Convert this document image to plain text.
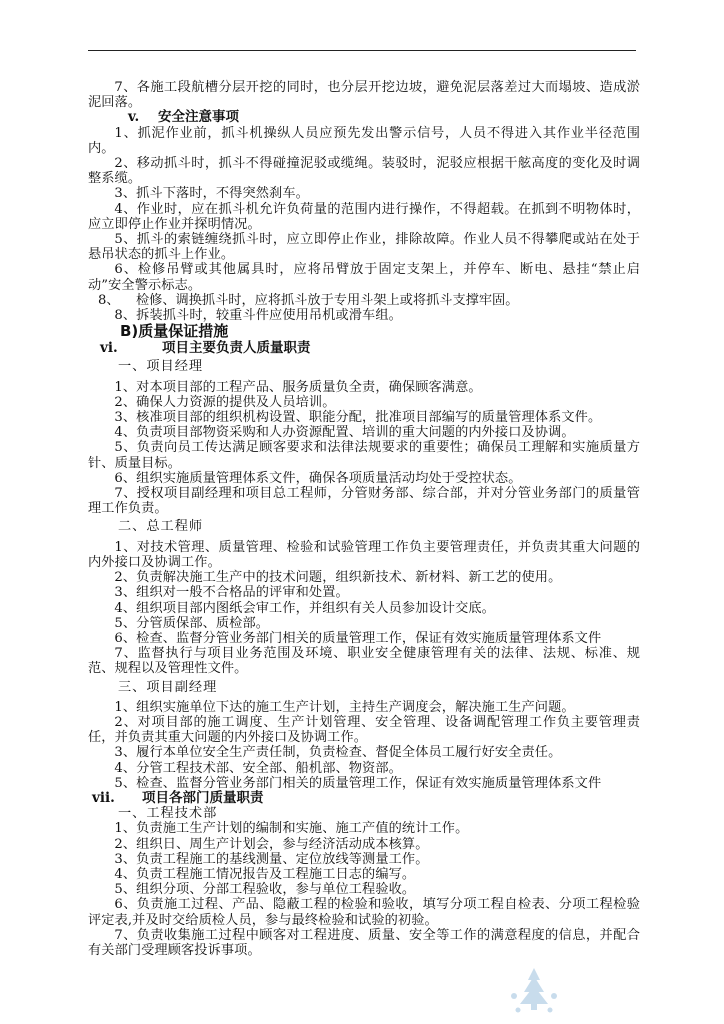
7、各施工段航槽分层开挖的同时，也分层开挖边坡，避免泥层落差过大而塌坡、造成淤泥回落。

v. 安全注意事项

1、抓泥作业前，抓斗机操纵人员应预先发出警示信号，人员不得进入其作业半径范围内。

2、移动抓斗时，抓斗不得碰撞泥驳或缆绳。装驳时，泥驳应根据干舷高度的变化及时调整系缆。

3、抓斗下落时，不得突然刹车。

4、作业时，应在抓斗机允许负荷量的范围内进行操作，不得超载。在抓到不明物体时，应立即停止作业并探明情况。

5、抓斗的索链缠绕抓斗时，应立即停止作业，排除故障。作业人员不得攀爬或站在处于悬吊状态的抓斗上作业。

6、检修吊臂或其他属具时，应将吊臂放于固定支架上，并停车、断电、悬挂“禁止启动”安全警示标志。

8、 检修、调换抓斗时，应将抓斗放于专用斗架上或将抓斗支撑牢固。

8、拆装抓斗时，较重斗件应使用吊机或滑车组。

B)质量保证措施
vi.	项目主要负责人质量职责
一、项目经理

1、对本项目部的工程产品、服务质量负全责，确保顾客满意。

2、确保人力资源的提供及人员培训。

3、核准项目部的组织机构设置、职能分配，批准项目部编写的质量管理体系文件。

4、负责项目部物资采购和人办资源配置、培训的重大问题的内外接口及协调。

5、负责向员工传达满足顾客要求和法律法规要求的重要性；确保员工理解和实施质量方针、质量目标。

6、组织实施质量管理体系文件，确保各项质量活动均处于受控状态。

7、授权项目副经理和项目总工程师，分管财务部、综合部，并对分管业务部门的质量管理工作负责。

二、总工程师

1、对技术管理、质量管理、检验和试验管理工作负主要管理责任，并负责其重大问题的内外接口及协调工作。

2、负责解决施工生产中的技术问题，组织新技术、新材料、新工艺的使用。

3、组织对一般不合格品的评审和处置。

4、组织项目部内图纸会审工作，并组织有关人员参加设计交底。

5、分管质保部、质检部。

6、检查、监督分管业务部门相关的质量管理工作，保证有效实施质量管理体系文件

7、监督执行与项目业务范围及环境、职业安全健康管理有关的法律、法规、标准、规范、规程以及管理性文件。

三、项目副经理

1、组织实施单位下达的施工生产计划，主持生产调度会，解决施工生产问题。

2、对项目部的施工调度、生产计划管理、安全管理、设备调配管理工作负主要管理责任，并负责其重大问题的内外接口及协调工作。

3、履行本单位安全生产责任制，负责检查、督促全体员工履行好安全责任。

4、分管工程技术部、安全部、船机部、物资部。

5、检查、监督分管业务部门相关的质量管理工作，保证有效实施质量管理体系文件

vii. 项目各部门质量职责
一、工程技术部

1、负责施工生产计划的编制和实施、施工产值的统计工作。

2、组织日、周生产计划会，参与经济活动成本核算。

3、负责工程施工的基线测量、定位放线等测量工作。

4、负责工程施工情况报告及工程施工日志的编写。

5、组织分项、分部工程验收，参与单位工程验收。

6、负责施工过程、产品、隐蔽工程的检验和验收，填写分项工程自检表、分项工程检验评定表,并及时交给质检人员，参与最终检验和试验的初验。

7、负责收集施工过程中顾客对工程进度、质量、安全等工作的满意程度的信息，并配合有关部门受理顾客投诉事项。
